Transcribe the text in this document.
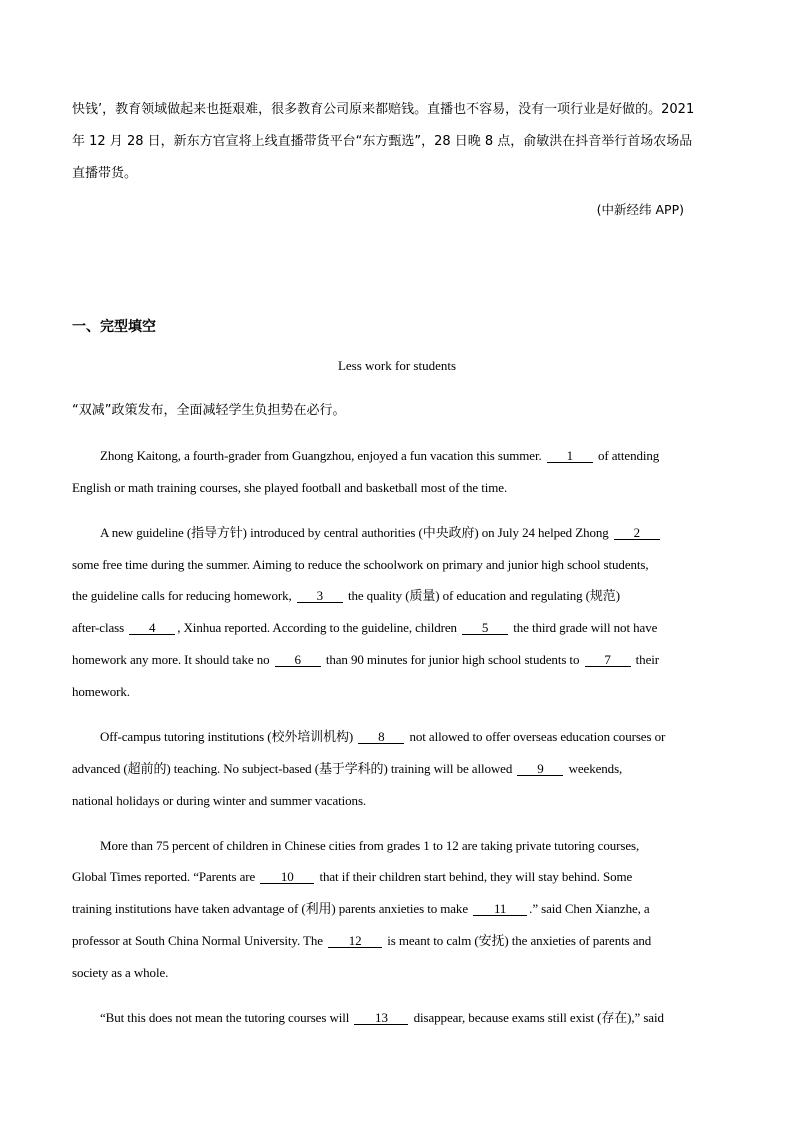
快钱’，教育领域做起来也挺艰难，很多教育公司原来都赔钱。直播也不容易，没有一项行业是好做的。2021
年 12 月 28 日，新东方官宣将上线直播带货平台“东方甄选”，28 日晚 8 点，俞敏洪在抖音举行首场农场品
直播带货。
(中新经纬 APP)
一、完型填空
Less work for students
“双减”政策发布，全面减轻学生负担势在必行。
Zhong Kaitong, a fourth-grader from Guangzhou, enjoyed a fun vacation this summer. 1 of attending
English or math training courses, she played football and basketball most of the time.
A new guideline (指导方针) introduced by central authorities (中央政府) on July 24 helped Zhong 2
some free time during the summer. Aiming to reduce the schoolwork on primary and junior high school students,
the guideline calls for reducing homework, 3 the quality (质量) of education and regulating (规范)
after-class 4 , Xinhua reported. According to the guideline, children 5 the third grade will not have
homework any more. It should take no 6 than 90 minutes for junior high school students to 7 their
homework.
Off-campus tutoring institutions (校外培训机构) 8 not allowed to offer overseas education courses or
advanced (超前的) teaching. No subject-based (基于学科的) training will be allowed 9 weekends,
national holidays or during winter and summer vacations.
More than 75 percent of children in Chinese cities from grades 1 to 12 are taking private tutoring courses,
Global Times reported. “Parents are 10 that if their children start behind, they will stay behind. Some
training institutions have taken advantage of (利用) parents anxieties to make 11 .” said Chen Xianzhe, a
professor at South China Normal University. The 12 is meant to calm (安抚) the anxieties of parents and
society as a whole.
“But this does not mean the tutoring courses will 13 disappear, because exams still exist (存在),” said
